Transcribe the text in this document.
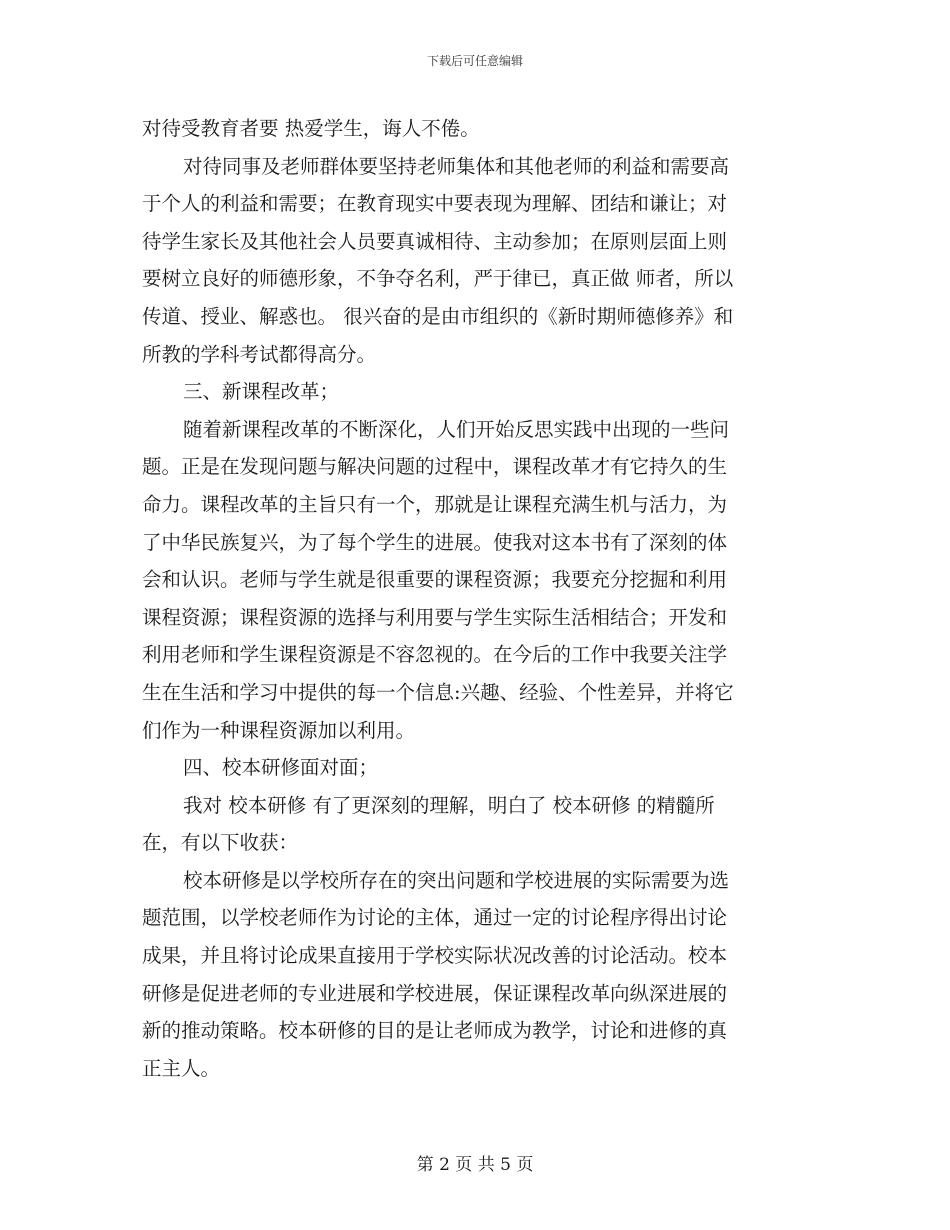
下载后可任意编辑
对待受教育者要 热爱学生，诲人不倦。
对待同事及老师群体要坚持老师集体和其他老师的利益和需要高
于个人的利益和需要；在教育现实中要表现为理解、团结和谦让；对
待学生家长及其他社会人员要真诚相待、主动参加；在原则层面上则
要树立良好的师德形象，不争夺名利，严于律已，真正做 师者，所以
传道、授业、解惑也。 很兴奋的是由市组织的《新时期师德修养》和
所教的学科考试都得高分。
三、新课程改革；
随着新课程改革的不断深化，人们开始反思实践中出现的一些问
题。正是在发现问题与解决问题的过程中，课程改革才有它持久的生
命力。课程改革的主旨只有一个，那就是让课程充满生机与活力，为
了中华民族复兴，为了每个学生的进展。使我对这本书有了深刻的体
会和认识。老师与学生就是很重要的课程资源；我要充分挖掘和利用
课程资源；课程资源的选择与利用要与学生实际生活相结合；开发和
利用老师和学生课程资源是不容忽视的。在今后的工作中我要关注学
生在生活和学习中提供的每一个信息:兴趣、经验、个性差异，并将它
们作为一种课程资源加以利用。
四、校本研修面对面；
我对 校本研修 有了更深刻的理解，明白了 校本研修 的精髓所
在，有以下收获：
校本研修是以学校所存在的突出问题和学校进展的实际需要为选
题范围，以学校老师作为讨论的主体，通过一定的讨论程序得出讨论
成果，并且将讨论成果直接用于学校实际状况改善的讨论活动。校本
研修是促进老师的专业进展和学校进展，保证课程改革向纵深进展的
新的推动策略。校本研修的目的是让老师成为教学，讨论和进修的真
正主人。
第 2 页 共 5 页
